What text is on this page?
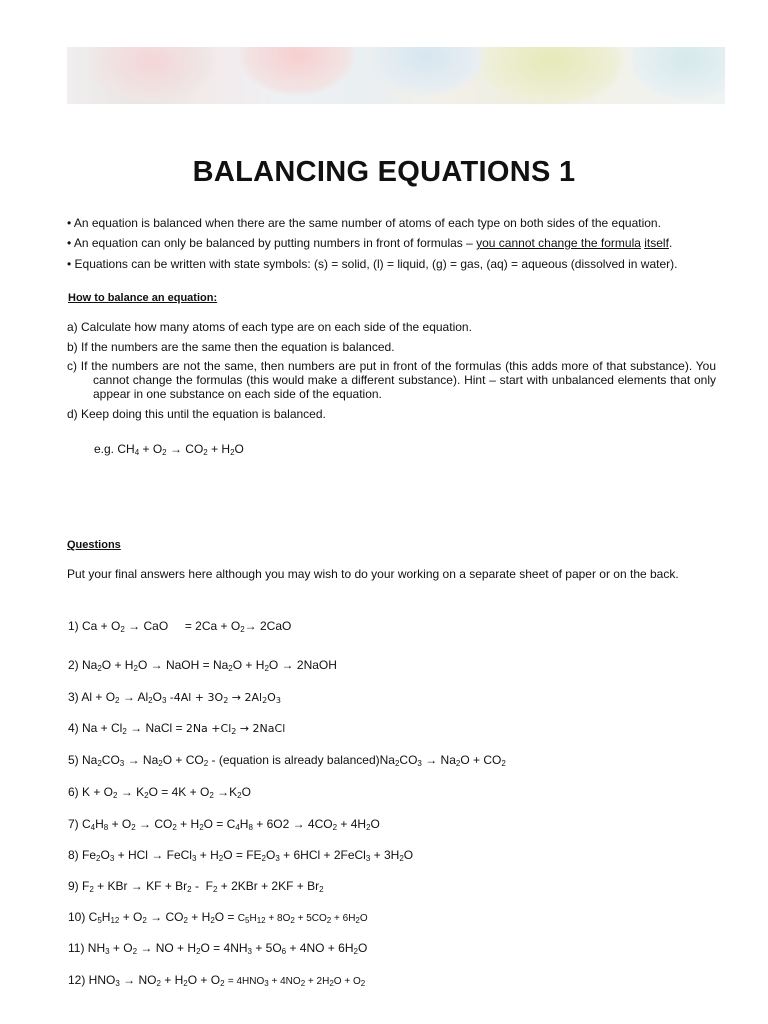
BALANCING EQUATIONS 1
• An equation is balanced when there are the same number of atoms of each type on both sides of the equation.
• An equation can only be balanced by putting numbers in front of formulas – you cannot change the formula itself.
• Equations can be written with state symbols: (s) = solid, (l) = liquid, (g) = gas, (aq) = aqueous (dissolved in water).
How to balance an equation:
a) Calculate how many atoms of each type are on each side of the equation.
b) If the numbers are the same then the equation is balanced.
c) If the numbers are not the same, then numbers are put in front of the formulas (this adds more of that substance). You cannot change the formulas (this would make a different substance). Hint – start with unbalanced elements that only appear in one substance on each side of the equation.
d) Keep doing this until the equation is balanced.
e.g. $CH_4 + O_2 \to CO_2 + H_2O$
Questions
Put your final answers here although you may wish to do your working on a separate sheet of paper or on the back.
1) $Ca + O_2$ → CaO     = $2Ca + O_2\to 2CaO$
2) $Na_2O + H_2O$ → NaOH = $Na_2O + H_2O$ → 2NaOH
3) $Al + O_2 \to Al_2O_3$ $-4Al + 3O_2 \to 2Al_2O_3$
4) $Na + Cl_2$ → NaCl = $2Na +Cl_2$ → 2NaCl
5) $Na_2CO_3 \to Na_2O + CO_2$ - (equation is already $balanced)Na_2CO_3 \to Na_2O + CO_2$
6) $K + O_2 \to K_2O = 4K + O_2 \to K_2O$
7) $C_4H_8 + O_2 \to CO_2 + H_2O = C_4H_8 + 6O2 \to 4CO_2 + 4H_2O$
8) $Fe_2O_3$ + HCl → FeCl$_3$ + $H_2O = FE_2O_3 + 6HCl$ + 2FeCl$_3$ + $3H_2O$
9) $F_2$ + KBr → KF + $Br_2 - F_2 + 2KBr + 2KF + Br_2$
10) $C_5H_{12} + O_2 \to CO_2 + H_2O = C_5H_{12} + 8O_2 + 5CO_2 + 6H_2O$
11) $NH_3 + O_2$ → NO + $H_2O = 4NH_3 + 5O_6 + 4NO + 6H_2O$
12) $HNO_3 \to NO_2 + H_2O + O_2 = 4HNO_3 + 4NO_2 + 2H_2O + O_2$
